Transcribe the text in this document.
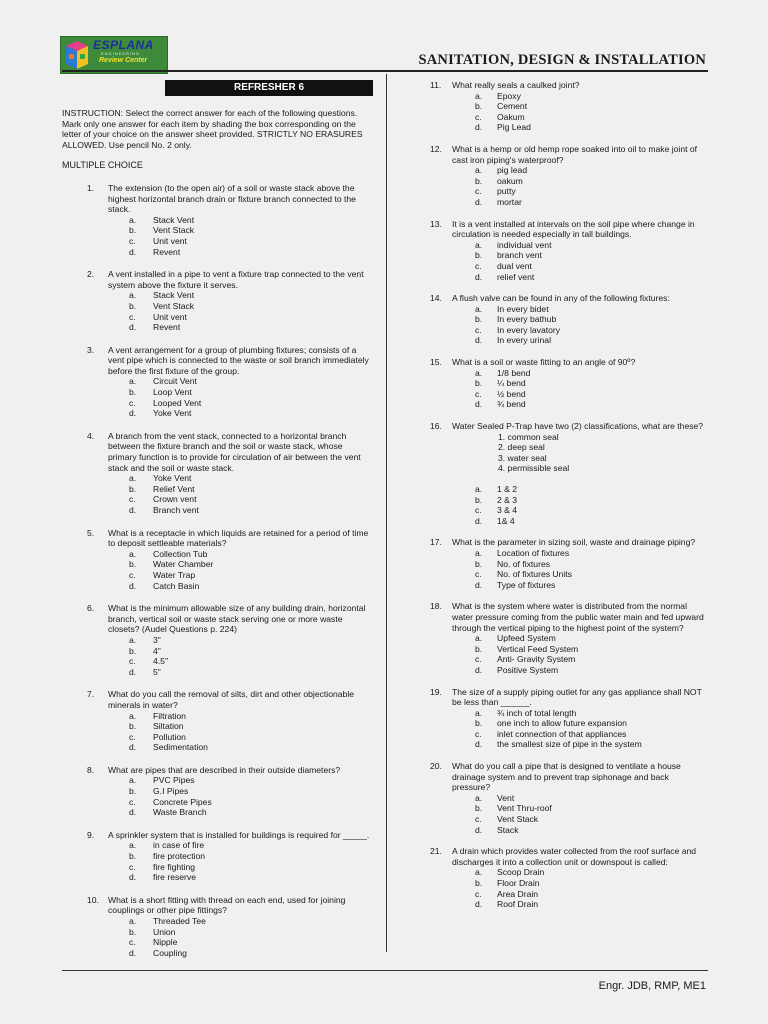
ESPLANA
ENGINEERING
Review Center	SANITATION, DESIGN & INSTALLATION
REFRESHER 6
INSTRUCTION: Select the correct answer for each of the following questions. Mark only one answer for each item by shading the box corresponding on the letter of your choice on the answer sheet provided. STRICTLY NO ERASURES ALLOWED. Use pencil No. 2 only.
MULTIPLE CHOICE
1. The extension (to the open air) of a soil or waste stack above the highest horizontal branch drain or fixture branch connected to the stack.
a. Stack Vent
b. Vent Stack
c. Unit vent
d. Revent
2. A vent installed in a pipe to vent a fixture trap connected to the vent system above the fixture it serves.
a. Stack Vent
b. Vent Stack
c. Unit vent
d. Revent
3. A vent arrangement for a group of plumbing fixtures; consists of a vent pipe which is connected to the waste or soil branch immediately before the first fixture of the group.
a. Circuit Vent
b. Loop Vent
c. Looped Vent
d. Yoke Vent
4. A branch from the vent stack, connected to a horizontal branch between the fixture branch and the soil or waste stack, whose primary function is to provide for circulation of air between the vent stack and the soil or waste stack.
a. Yoke Vent
b. Relief Vent
c. Crown vent
d. Branch vent
5. What is a receptacle in which liquids are retained for a period of time to deposit settleable materials?
a. Collection Tub
b. Water Chamber
c. Water Trap
d. Catch Basin
6. What is the minimum allowable size of any building drain, horizontal branch, vertical soil or waste stack serving one or more waste closets? (Audel Questions p. 224)
a. 3"
b. 4"
c. 4.5"
d. 5"
7. What do you call the removal of silts, dirt and other objectionable minerals in water?
a. Filtration
b. Siltation
c. Pollution
d. Sedimentation
8. What are pipes that are described in their outside diameters?
a. PVC Pipes
b. G.I Pipes
c. Concrete Pipes
d. Waste Branch
9. A sprinkler system that is installed for buildings is required for _____.
a. in case of fire
b. fire protection
c. fire fighting
d. fire reserve
10. What is a short fitting with thread on each end, used for joining couplings or other pipe fittings?
a. Threaded Tee
b. Union
c. Nipple
d. Coupling
11. What really seals a caulked joint?
a. Epoxy
b. Cement
c. Oakum
d. Pig Lead
12. What is a hemp or old hemp rope soaked into oil to make joint of cast iron piping's waterproof?
a. pig lead
b. oakum
c. putty
d. mortar
13. It is a vent installed at intervals on the soil pipe where change in circulation is needed especially in tall buildings.
a. individual vent
b. branch vent
c. dual vent
d. relief vent
14. A flush valve can be found in any of the following fixtures:
a. In every bidet
b. In every bathub
c. In every lavatory
d. In every urinal
15. What is a soil or waste fitting to an angle of 90º?
a. 1/8 bend
b. ¼ bend
c. ½ bend
d. ¾ bend
16. Water Sealed P-Trap have two (2) classifications, what are these?
1. common seal
2. deep seal
3. water seal
4. permissible seal
a. 1 & 2
b. 2 & 3
c. 3 & 4
d. 1& 4
17. What is the parameter in sizing soil, waste and drainage piping?
a. Location of fixtures
b. No. of fixtures
c. No. of fixtures Units
d. Type of fixtures
18. What is the system where water is distributed from the normal water pressure coming from the public water main and fed upward through the vertical piping to the highest point of the system?
a. Upfeed System
b. Vertical Feed System
c. Anti- Gravity System
d. Positive System
19. The size of a supply piping outlet for any gas appliance shall NOT be less than ______.
a. ¾ inch of total length
b. one inch to allow future expansion
c. inlet connection of that appliances
d. the smallest size of pipe in the system
20. What do you call a pipe that is designed to ventilate a house drainage system and to prevent trap siphonage and back pressure?
a. Vent
b. Vent Thru-roof
c. Vent Stack
d. Stack
21. A drain which provides water collected from the roof surface and discharges it into a collection unit or downspout is called:
a. Scoop Drain
b. Floor Drain
c. Area Drain
d. Roof Drain
Engr. JDB, RMP, ME1
